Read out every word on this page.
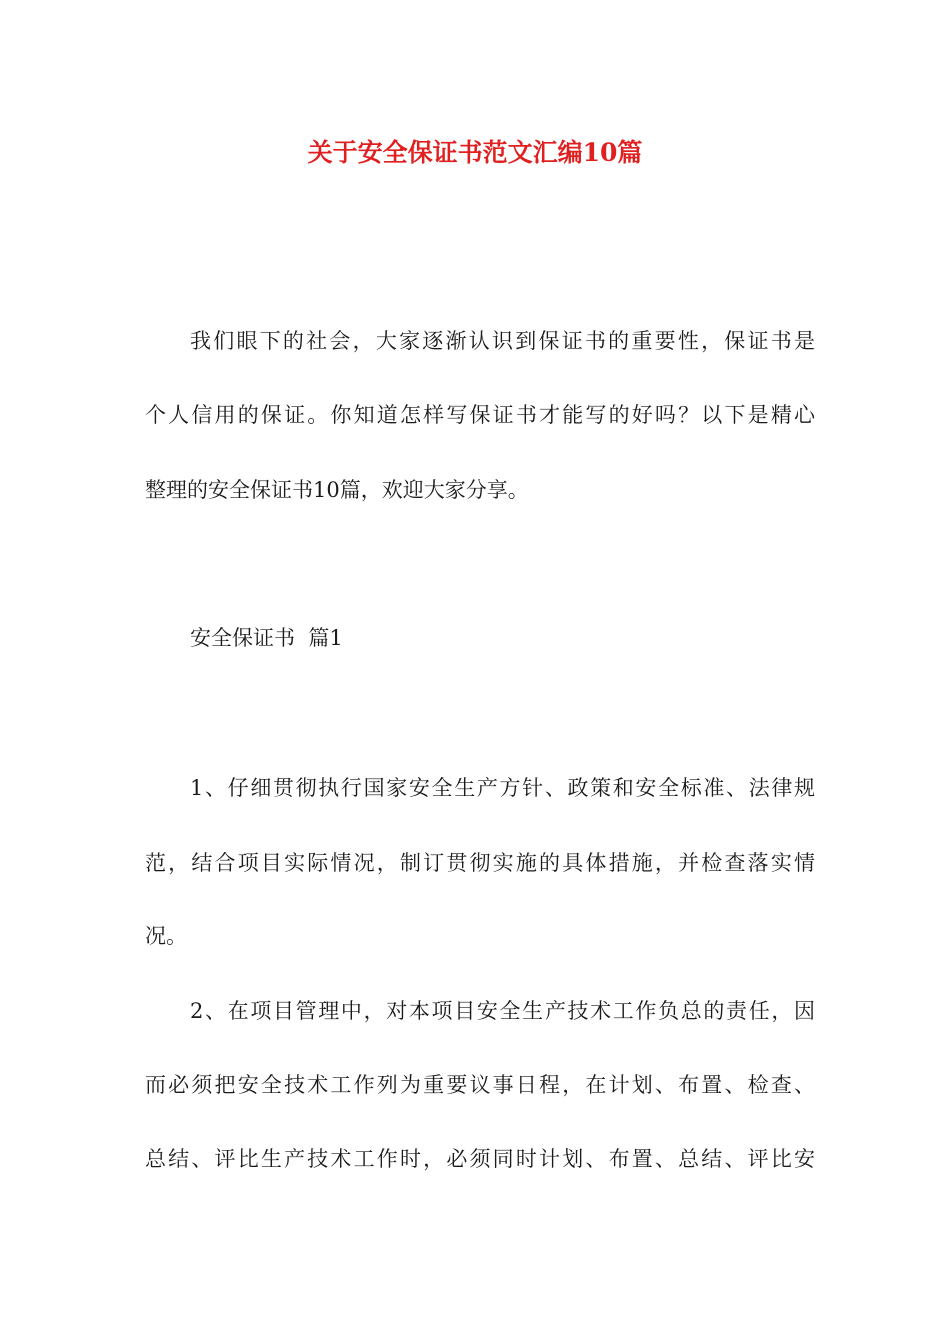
关于安全保证书范文汇编10篇

我们眼下的社会，大家逐渐认识到保证书的重要性，保证书是

个人信用的保证。你知道怎样写保证书才能写的好吗？以下是精心

整理的安全保证书10篇，欢迎大家分享。

安全保证书  篇1

1、仔细贯彻执行国家安全生产方针、政策和安全标准、法律规

范，结合项目实际情况，制订贯彻实施的具体措施，并检查落实情

况。

2、在项目管理中，对本项目安全生产技术工作负总的责任，因

而必须把安全技术工作列为重要议事日程，在计划、布置、检查、

总结、评比生产技术工作时，必须同时计划、布置、总结、评比安
